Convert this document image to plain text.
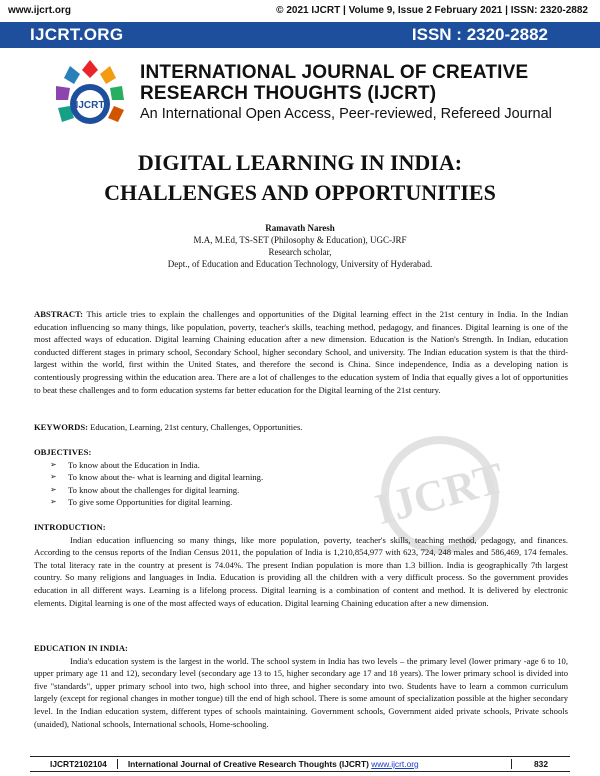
www.ijcrt.org	© 2021 IJCRT | Volume 9, Issue 2 February 2021 | ISSN: 2320-2882
IJCRT.ORG	ISSN : 2320-2882
IJCRT
INTERNATIONAL JOURNAL OF CREATIVE
RESEARCH THOUGHTS (IJCRT)
An International Open Access, Peer-reviewed, Refereed Journal
DIGITAL LEARNING IN INDIA:
CHALLENGES AND OPPORTUNITIES
Ramavath Naresh
M.A, M.Ed, TS-SET (Philosophy & Education), UGC-JRF
Research scholar,
Dept., of Education and Education Technology, University of Hyderabad.
IJCRT
ABSTRACT: This article tries to explain the challenges and opportunities of the Digital learning effect in the 21st century in India. In the Indian education influencing so many things, like population, poverty, teacher's skills, teaching method, pedagogy, and finances. Digital learning is one of the most affected ways of education. Digital learning Chaining education after a new dimension. Education is the Nation's Strength. In Indian, education conducted different stages in primary school, Secondary School, higher secondary School, and university. The Indian education system is that the third-largest within the world, first within the United States, and therefore the second is China. Since independence, India as a developing nation is contentiously progressing within the education area. There are a lot of challenges to the education system of India that equally gives a lot of opportunities to beat these challenges and to form education systems far better education for the Digital learning of the 21st century.
KEYWORDS: Education, Learning, 21st century, Challenges, Opportunities.
OBJECTIVES:
➢ To know about the Education in India.
➢ To know about the- what is learning and digital learning.
➢ To know about the challenges for digital learning.
➢ To give some Opportunities for digital learning.
INTRODUCTION:
Indian education influencing so many things, like more population, poverty, teacher's skills, teaching method, pedagogy, and finances. According to the census reports of the Indian Census 2011, the population of India is 1,210,854,977 with 623, 724, 248 males and 586,469, 174 females. The total literacy rate in the country at present is 74.04%. The present Indian population is more than 1.3 billion. India is geographically 7th largest country. So many religions and languages in India. Education is providing all the children with a very difficult process. So the government provides education in all different ways. Learning is a lifelong process. Digital learning is a combination of content and method. It is delivered by electronic elements. Digital learning is one of the most affected ways of education. Digital learning Chaining education after a new dimension.
EDUCATION IN INDIA:
India's education system is the largest in the world. The school system in India has two levels – the primary level (lower primary -age 6 to 10, upper primary age 11 and 12), secondary level (secondary age 13 to 15, higher secondary age 17 and 18 years). The lower primary school is divided into five "standards", upper primary school into two, high school into three, and higher secondary into two. Students have to learn a common curriculum largely (except for regional changes in mother tongue) till the end of high school. There is some amount of specialization possible at the higher secondary level. In the Indian education system, different types of schools maintaining. Government schools, Government aided private schools, Private schools (unaided), National schools, International schools, Home-schooling.
IJCRT2102104	International Journal of Creative Research Thoughts (IJCRT) www.ijcrt.org	832
